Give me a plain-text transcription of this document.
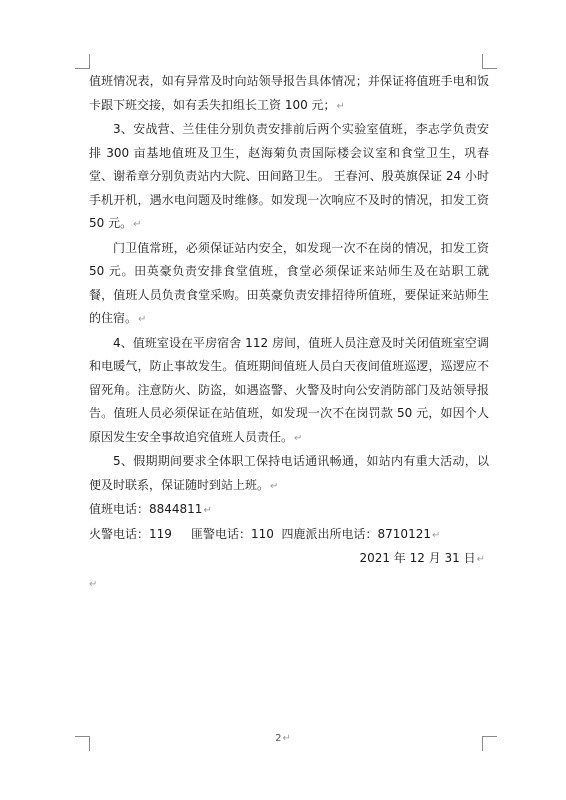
值班情况表，如有异常及时向站领导报告具体情况；并保证将值班手电和饭卡跟下班交接，如有丢失扣组长工资 100 元；↵

3、安战营、兰佳佳分别负责安排前后两个实验室值班，李志学负责安排 300 亩基地值班及卫生，赵海菊负责国际楼会议室和食堂卫生，巩春堂、谢希章分别负责站内大院、田间路卫生。 王春河、殷英旗保证 24 小时手机开机，遇水电问题及时维修。如发现一次响应不及时的情况，扣发工资 50 元。↵

门卫值常班，必须保证站内安全，如发现一次不在岗的情况，扣发工资 50 元。田英豪负责安排食堂值班，食堂必须保证来站师生及在站职工就餐，值班人员负责食堂采购。田英豪负责安排招待所值班，要保证来站师生的住宿。↵

4、值班室设在平房宿舍 112 房间，值班人员注意及时关闭值班室空调和电暖气，防止事故发生。值班期间值班人员白天夜间值班巡逻，巡逻应不留死角。注意防火、防盗，如遇盗警、火警及时向公安消防部门及站领导报告。值班人员必须保证在站值班，如发现一次不在岗罚款 50 元，如因个人原因发生安全事故追究值班人员责任。↵

5、假期期间要求全体职工保持电话通讯畅通，如站内有重大活动，以便及时联系，保证随时到站上班。↵

值班电话：8844811↵

火警电话：119 匪警电话：110 四鹿派出所电话：8710121↵

2021 年 12 月 31 日↵

↵

2↵
